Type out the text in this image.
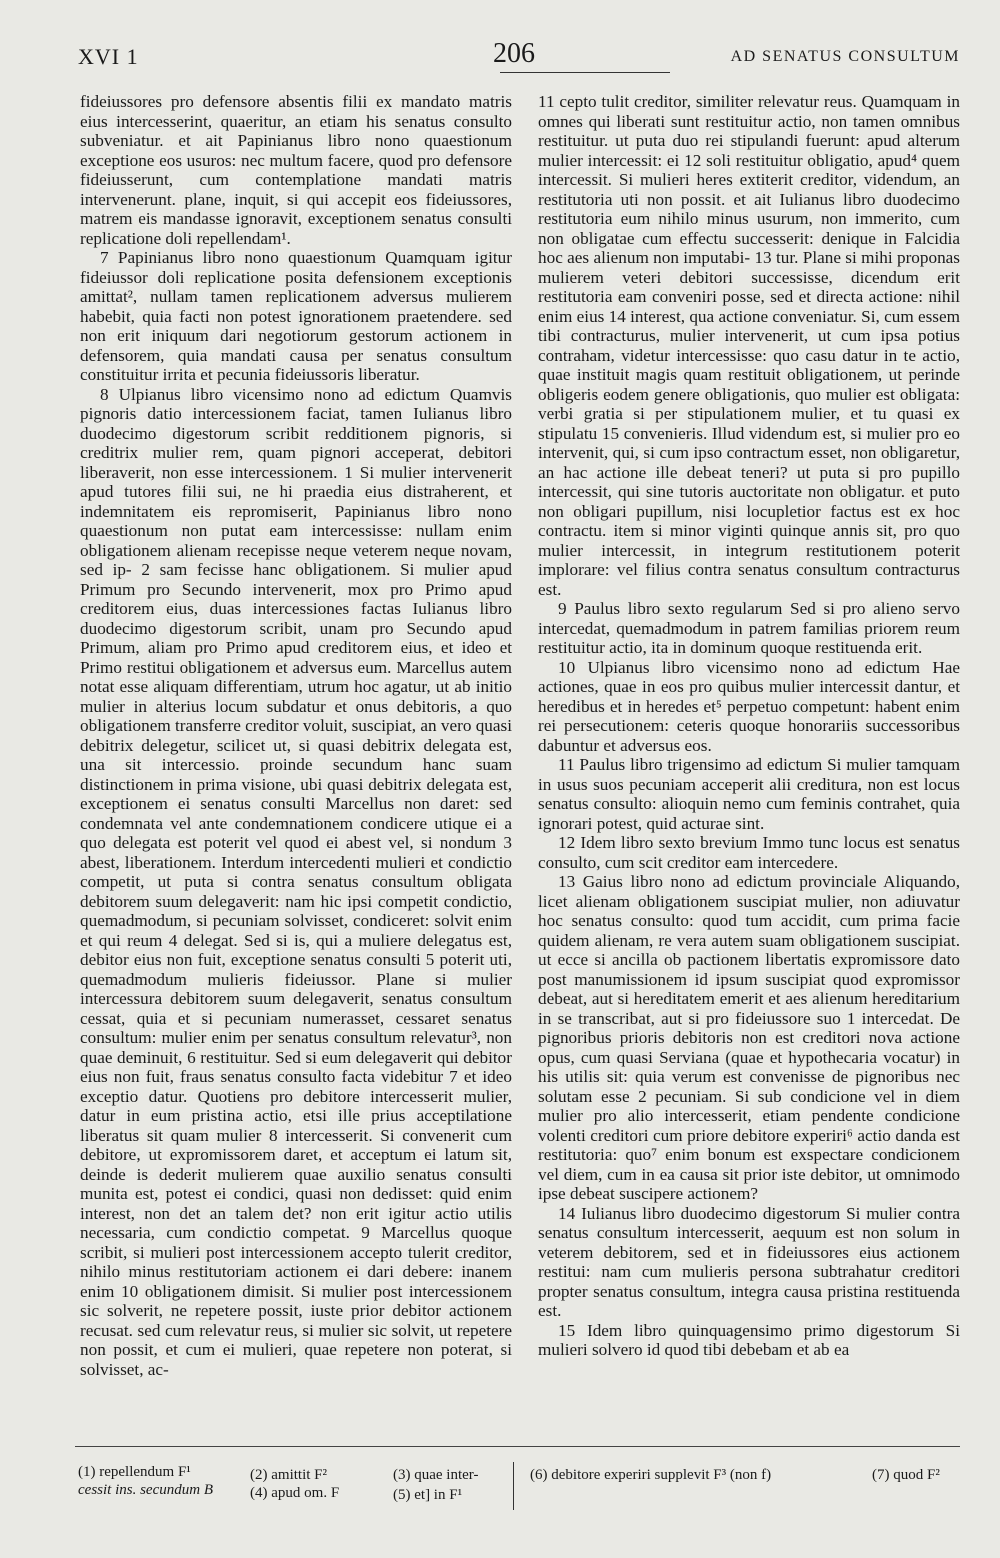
XVI 1	206	AD SENATUS CONSULTUM

fideiussores pro defensore absentis filii ex mandato matris eius intercesserint, quaeritur, an etiam his senatus consulto subveniatur. et ait Papinianus libro nono quaestionum exceptione eos usuros: nec multum facere, quod pro defensore fideiusserunt, cum contemplatione mandati matris intervenerunt. plane, inquit, si qui accepit eos fideiussores, matrem eis mandasse ignoravit, exceptionem senatus consulti replicatione doli repellendam¹.

7 Papinianus libro nono quaestionum Quamquam igitur fideiussor doli replicatione posita defensionem exceptionis amittat², nullam tamen replicationem adversus mulierem habebit, quia facti non potest ignorationem praetendere. sed non erit iniquum dari negotiorum gestorum actionem in defensorem, quia mandati causa per senatus consultum constituitur irrita et pecunia fideiussoris liberatur.

8 Ulpianus libro vicensimo nono ad edictum Quamvis pignoris datio intercessionem faciat, tamen Iulianus libro duodecimo digestorum scribit redditionem pignoris, si creditrix mulier rem, quam pignori acceperat, debitori liberaverit, non esse intercessionem. 1 Si mulier intervenerit apud tutores filii sui, ne hi praedia eius distraherent, et indemnitatem eis repromiserit, Papinianus libro nono quaestionum non putat eam intercessisse: nullam enim obligationem alienam recepisse neque veterem neque novam, sed ip- 2 sam fecisse hanc obligationem. Si mulier apud Primum pro Secundo intervenerit, mox pro Primo apud creditorem eius, duas intercessiones factas Iulianus libro duodecimo digestorum scribit, unam pro Secundo apud Primum, aliam pro Primo apud creditorem eius, et ideo et Primo restitui obligationem et adversus eum. Marcellus autem notat esse aliquam differentiam, utrum hoc agatur, ut ab initio mulier in alterius locum subdatur et onus debitoris, a quo obligationem transferre creditor voluit, suscipiat, an vero quasi debitrix delegetur, scilicet ut, si quasi debitrix delegata est, una sit intercessio. proinde secundum hanc suam distinctionem in prima visione, ubi quasi debitrix delegata est, exceptionem ei senatus consulti Marcellus non daret: sed condemnata vel ante condemnationem condicere utique ei a quo delegata est poterit vel quod ei abest vel, si nondum 3 abest, liberationem. Interdum intercedenti mulieri et condictio competit, ut puta si contra senatus consultum obligata debitorem suum delegaverit: nam hic ipsi competit condictio, quemadmodum, si pecuniam solvisset, condiceret: solvit enim et qui reum 4 delegat. Sed si is, qui a muliere delegatus est, debitor eius non fuit, exceptione senatus consulti 5 poterit uti, quemadmodum mulieris fideiussor. Plane si mulier intercessura debitorem suum delegaverit, senatus consultum cessat, quia et si pecuniam numerasset, cessaret senatus consultum: mulier enim per senatus consultum relevatur³, non quae deminuit, 6 restituitur. Sed si eum delegaverit qui debitor eius non fuit, fraus senatus consulto facta videbitur 7 et ideo exceptio datur. Quotiens pro debitore intercesserit mulier, datur in eum pristina actio, etsi ille prius acceptilatione liberatus sit quam mulier 8 intercesserit. Si convenerit cum debitore, ut expromissorem daret, et acceptum ei latum sit, deinde is dederit mulierem quae auxilio senatus consulti munita est, potest ei condici, quasi non dedisset: quid enim interest, non det an talem det? non erit igitur actio utilis necessaria, cum condictio competat. 9 Marcellus quoque scribit, si mulieri post intercessionem accepto tulerit creditor, nihilo minus restitutoriam actionem ei dari debere: inanem enim 10 obligationem dimisit. Si mulier post intercessionem sic solverit, ne repetere possit, iuste prior debitor actionem recusat. sed cum relevatur reus, si mulier sic solvit, ut repetere non possit, et cum ei mulieri, quae repetere non poterat, si solvisset, ac-

11 cepto tulit creditor, similiter relevatur reus. Quamquam in omnes qui liberati sunt restituitur actio, non tamen omnibus restituitur. ut puta duo rei stipulandi fuerunt: apud alterum mulier intercessit: ei 12 soli restituitur obligatio, apud⁴ quem intercessit. Si mulieri heres extiterit creditor, videndum, an restitutoria uti non possit. et ait Iulianus libro duodecimo restitutoria eum nihilo minus usurum, non immerito, cum non obligatae cum effectu successerit: denique in Falcidia hoc aes alienum non imputabi- 13 tur. Plane si mihi proponas mulierem veteri debitori successisse, dicendum erit restitutoria eam conveniri posse, sed et directa actione: nihil enim eius 14 interest, qua actione conveniatur. Si, cum essem tibi contracturus, mulier intervenerit, ut cum ipsa potius contraham, videtur intercessisse: quo casu datur in te actio, quae instituit magis quam restituit obligationem, ut perinde obligeris eodem genere obligationis, quo mulier est obligata: verbi gratia si per stipulationem mulier, et tu quasi ex stipulatu 15 convenieris. Illud videndum est, si mulier pro eo intervenit, qui, si cum ipso contractum esset, non obligaretur, an hac actione ille debeat teneri? ut puta si pro pupillo intercessit, qui sine tutoris auctoritate non obligatur. et puto non obligari pupillum, nisi locupletior factus est ex hoc contractu. item si minor viginti quinque annis sit, pro quo mulier intercessit, in integrum restitutionem poterit implorare: vel filius contra senatus consultum contracturus est.

9 Paulus libro sexto regularum Sed si pro alieno servo intercedat, quemadmodum in patrem familias priorem reum restituitur actio, ita in dominum quoque restituenda erit.

10 Ulpianus libro vicensimo nono ad edictum Hae actiones, quae in eos pro quibus mulier intercessit dantur, et heredibus et in heredes et⁵ perpetuo competunt: habent enim rei persecutionem: ceteris quoque honorariis successoribus dabuntur et adversus eos.

11 Paulus libro trigensimo ad edictum Si mulier tamquam in usus suos pecuniam acceperit alii creditura, non est locus senatus consulto: alioquin nemo cum feminis contrahet, quia ignorari potest, quid acturae sint.

12 Idem libro sexto brevium Immo tunc locus est senatus consulto, cum scit creditor eam intercedere.

13 Gaius libro nono ad edictum provinciale Aliquando, licet alienam obligationem suscipiat mulier, non adiuvatur hoc senatus consulto: quod tum accidit, cum prima facie quidem alienam, re vera autem suam obligationem suscipiat. ut ecce si ancilla ob pactionem libertatis expromissore dato post manumissionem id ipsum suscipiat quod expromissor debeat, aut si hereditatem emerit et aes alienum hereditarium in se transcribat, aut si pro fideiussore suo 1 intercedat. De pignoribus prioris debitoris non est creditori nova actione opus, cum quasi Serviana (quae et hypothecaria vocatur) in his utilis sit: quia verum est convenisse de pignoribus nec solutam esse 2 pecuniam. Si sub condicione vel in diem mulier pro alio intercesserit, etiam pendente condicione volenti creditori cum priore debitore experiri⁶ actio danda est restitutoria: quo⁷ enim bonum est exspectare condicionem vel diem, cum in ea causa sit prior iste debitor, ut omnimodo ipse debeat suscipere actionem?

14 Iulianus libro duodecimo digestorum Si mulier contra senatus consultum intercesserit, aequum est non solum in veterem debitorem, sed et in fideiussores eius actionem restitui: nam cum mulieris persona subtrahatur creditori propter senatus consultum, integra causa pristina restituenda est.

15 Idem libro quinquagensimo primo digestorum Si mulieri solvero id quod tibi debebam et ab ea

(1) repellendum F¹
cessit ins. secundum B
(2) amittit F²
(4) apud om. F
(3) quae inter-
(5) et] in F¹
(6) debitore experiri supplevit F³ (non f)	(7) quod F²
